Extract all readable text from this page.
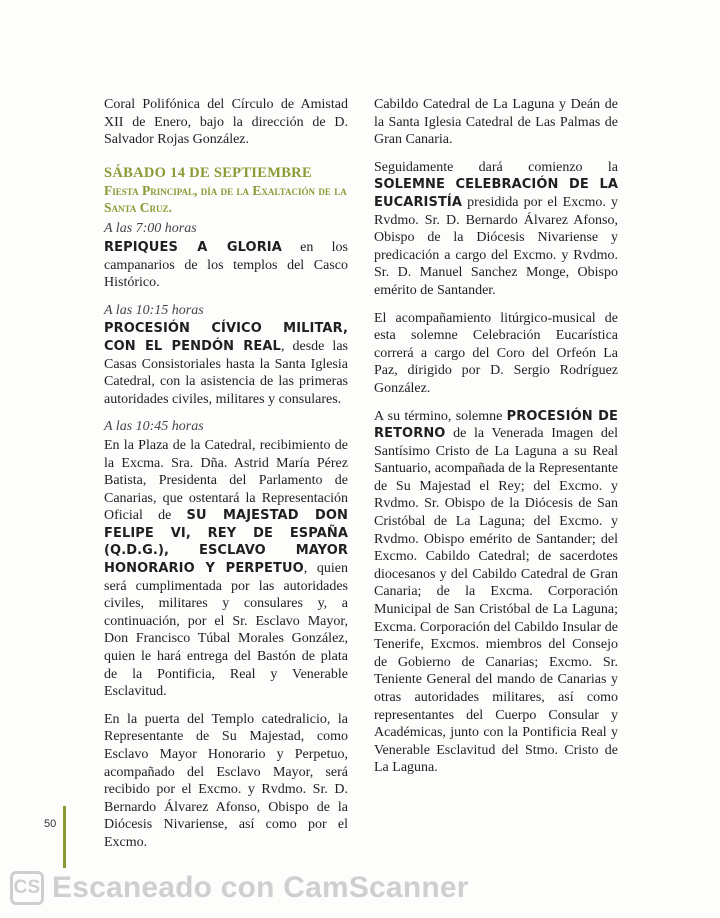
Coral Polifónica del Círculo de Amistad XII de Enero, bajo la dirección de D. Salvador Rojas González.

SÁBADO 14 DE SEPTIEMBRE
Fiesta Principal, día de la Exaltación de la Santa Cruz.
A las 7:00 horas

REPIQUES A GLORIA en los campanarios de los templos del Casco Histórico.

A las 10:15 horas

PROCESIÓN CÍVICO MILITAR, CON EL PENDÓN REAL, desde las Casas Consistoriales hasta la Santa Iglesia Catedral, con la asistencia de las primeras autoridades civiles, militares y consulares.

A las 10:45 horas

En la Plaza de la Catedral, recibimiento de la Excma. Sra. Dña. Astrid María Pérez Batista, Presidenta del Parlamento de Canarias, que ostentará la Representación Oficial de SU MAJESTAD DON FELIPE VI, REY DE ESPAÑA (Q.D.G.), ESCLAVO MAYOR HONORARIO Y PERPETUO, quien será cumplimentada por las autoridades civiles, militares y consulares y, a continuación, por el Sr. Esclavo Mayor, Don Francisco Túbal Morales González, quien le hará entrega del Bastón de plata de la Pontificia, Real y Venerable Esclavitud.

En la puerta del Templo catedralicio, la Representante de Su Majestad, como Esclavo Mayor Honorario y Perpetuo, acompañado del Esclavo Mayor, será recibido por el Excmo. y Rvdmo. Sr. D. Bernardo Álvarez Afonso, Obispo de la Diócesis Nivariense, así como por el Excmo.

Cabildo Catedral de La Laguna y Deán de la Santa Iglesia Catedral de Las Palmas de Gran Canaria.

Seguidamente dará comienzo la SOLEMNE CELEBRACIÓN DE LA EUCARISTÍA presidida por el Excmo. y Rvdmo. Sr. D. Bernardo Álvarez Afonso, Obispo de la Diócesis Nivariense y predicación a cargo del Excmo. y Rvdmo. Sr. D. Manuel Sanchez Monge, Obispo emérito de Santander.

El acompañamiento litúrgico-musical de esta solemne Celebración Eucarística correrá a cargo del Coro del Orfeón La Paz, dirigido por D. Sergio Rodríguez González.

A su término, solemne PROCESIÓN DE RETORNO de la Venerada Imagen del Santísimo Cristo de La Laguna a su Real Santuario, acompañada de la Representante de Su Majestad el Rey; del Excmo. y Rvdmo. Sr. Obispo de la Diócesis de San Cristóbal de La Laguna; del Excmo. y Rvdmo. Obispo emérito de Santander; del Excmo. Cabildo Catedral; de sacerdotes diocesanos y del Cabildo Catedral de Gran Canaria; de la Excma. Corporación Municipal de San Cristóbal de La Laguna; Excma. Corporación del Cabildo Insular de Tenerife, Excmos. miembros del Consejo de Gobierno de Canarias; Excmo. Sr. Teniente General del mando de Canarias y otras autoridades militares, así como representantes del Cuerpo Consular y Académicas, junto con la Pontificia Real y Venerable Esclavitud del Stmo. Cristo de La Laguna.

50
CS Escaneado con CamScanner
